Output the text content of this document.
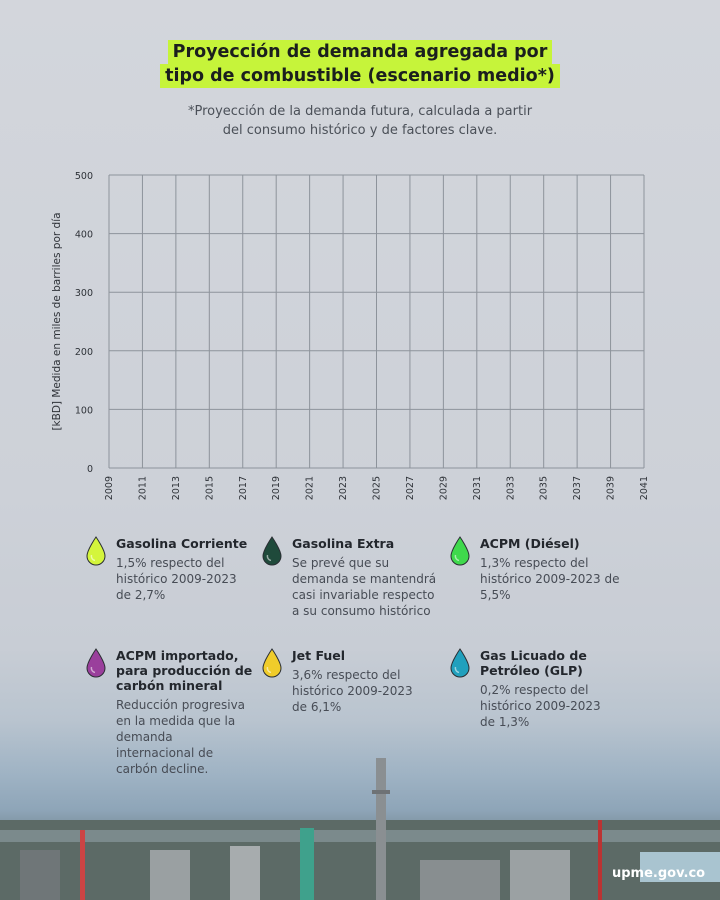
Proyección de demanda agregada por
tipo de combustible (escenario medio*)
*Proyección de la demanda futura, calculada a partir
del consumo histórico y de factores clave.
0
100
200
300
400
500
2009 2011 2013 2015 2017 2019 2021 2023 2025 2027 2029 2031 2033 2035 2037 2039 2041
[kBD] Medida en miles de barriles por día
Gasolina Corriente
1,5% respecto del
histórico 2009-2023
de 2,7%
Gasolina Extra
Se prevé que su
demanda se mantendrá
casi invariable respecto
a su consumo histórico
ACPM (Diésel)
1,3% respecto del
histórico 2009-2023 de
5,5%
ACPM importado, para producción de carbón mineral
Reducción progresiva
en la medida que la
demanda
internacional de
carbón decline.
Jet Fuel
3,6% respecto del
histórico 2009-2023
de 6,1%
Gas Licuado de Petróleo (GLP)
0,2% respecto del
histórico 2009-2023
de 1,3%
upme.gov.co
